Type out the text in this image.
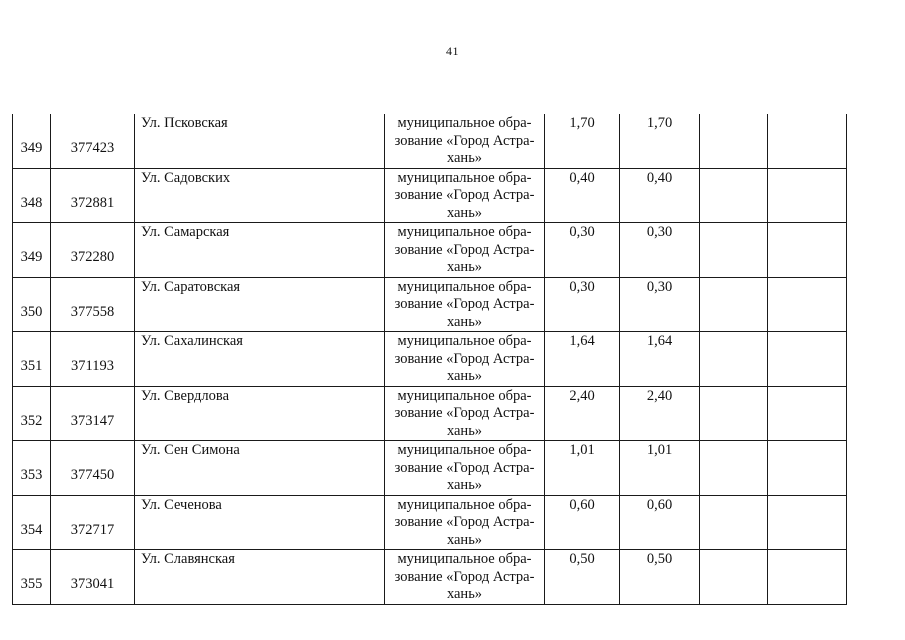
41
349	377423	Ул. Псковская	муниципальное обра-
зование «Город Астра-
хань»	1,70	1,70		
348	372881	Ул. Садовских	муниципальное обра-
зование «Город Астра-
хань»	0,40	0,40		
349	372280	Ул. Самарская	муниципальное обра-
зование «Город Астра-
хань»	0,30	0,30		
350	377558	Ул. Саратовская	муниципальное обра-
зование «Город Астра-
хань»	0,30	0,30		
351	371193	Ул. Сахалинская	муниципальное обра-
зование «Город Астра-
хань»	1,64	1,64		
352	373147	Ул. Свердлова	муниципальное обра-
зование «Город Астра-
хань»	2,40	2,40		
353	377450	Ул. Сен Симона	муниципальное обра-
зование «Город Астра-
хань»	1,01	1,01		
354	372717	Ул. Сеченова	муниципальное обра-
зование «Город Астра-
хань»	0,60	0,60		
355	373041	Ул. Славянская	муниципальное обра-
зование «Город Астра-
хань»	0,50	0,50		
